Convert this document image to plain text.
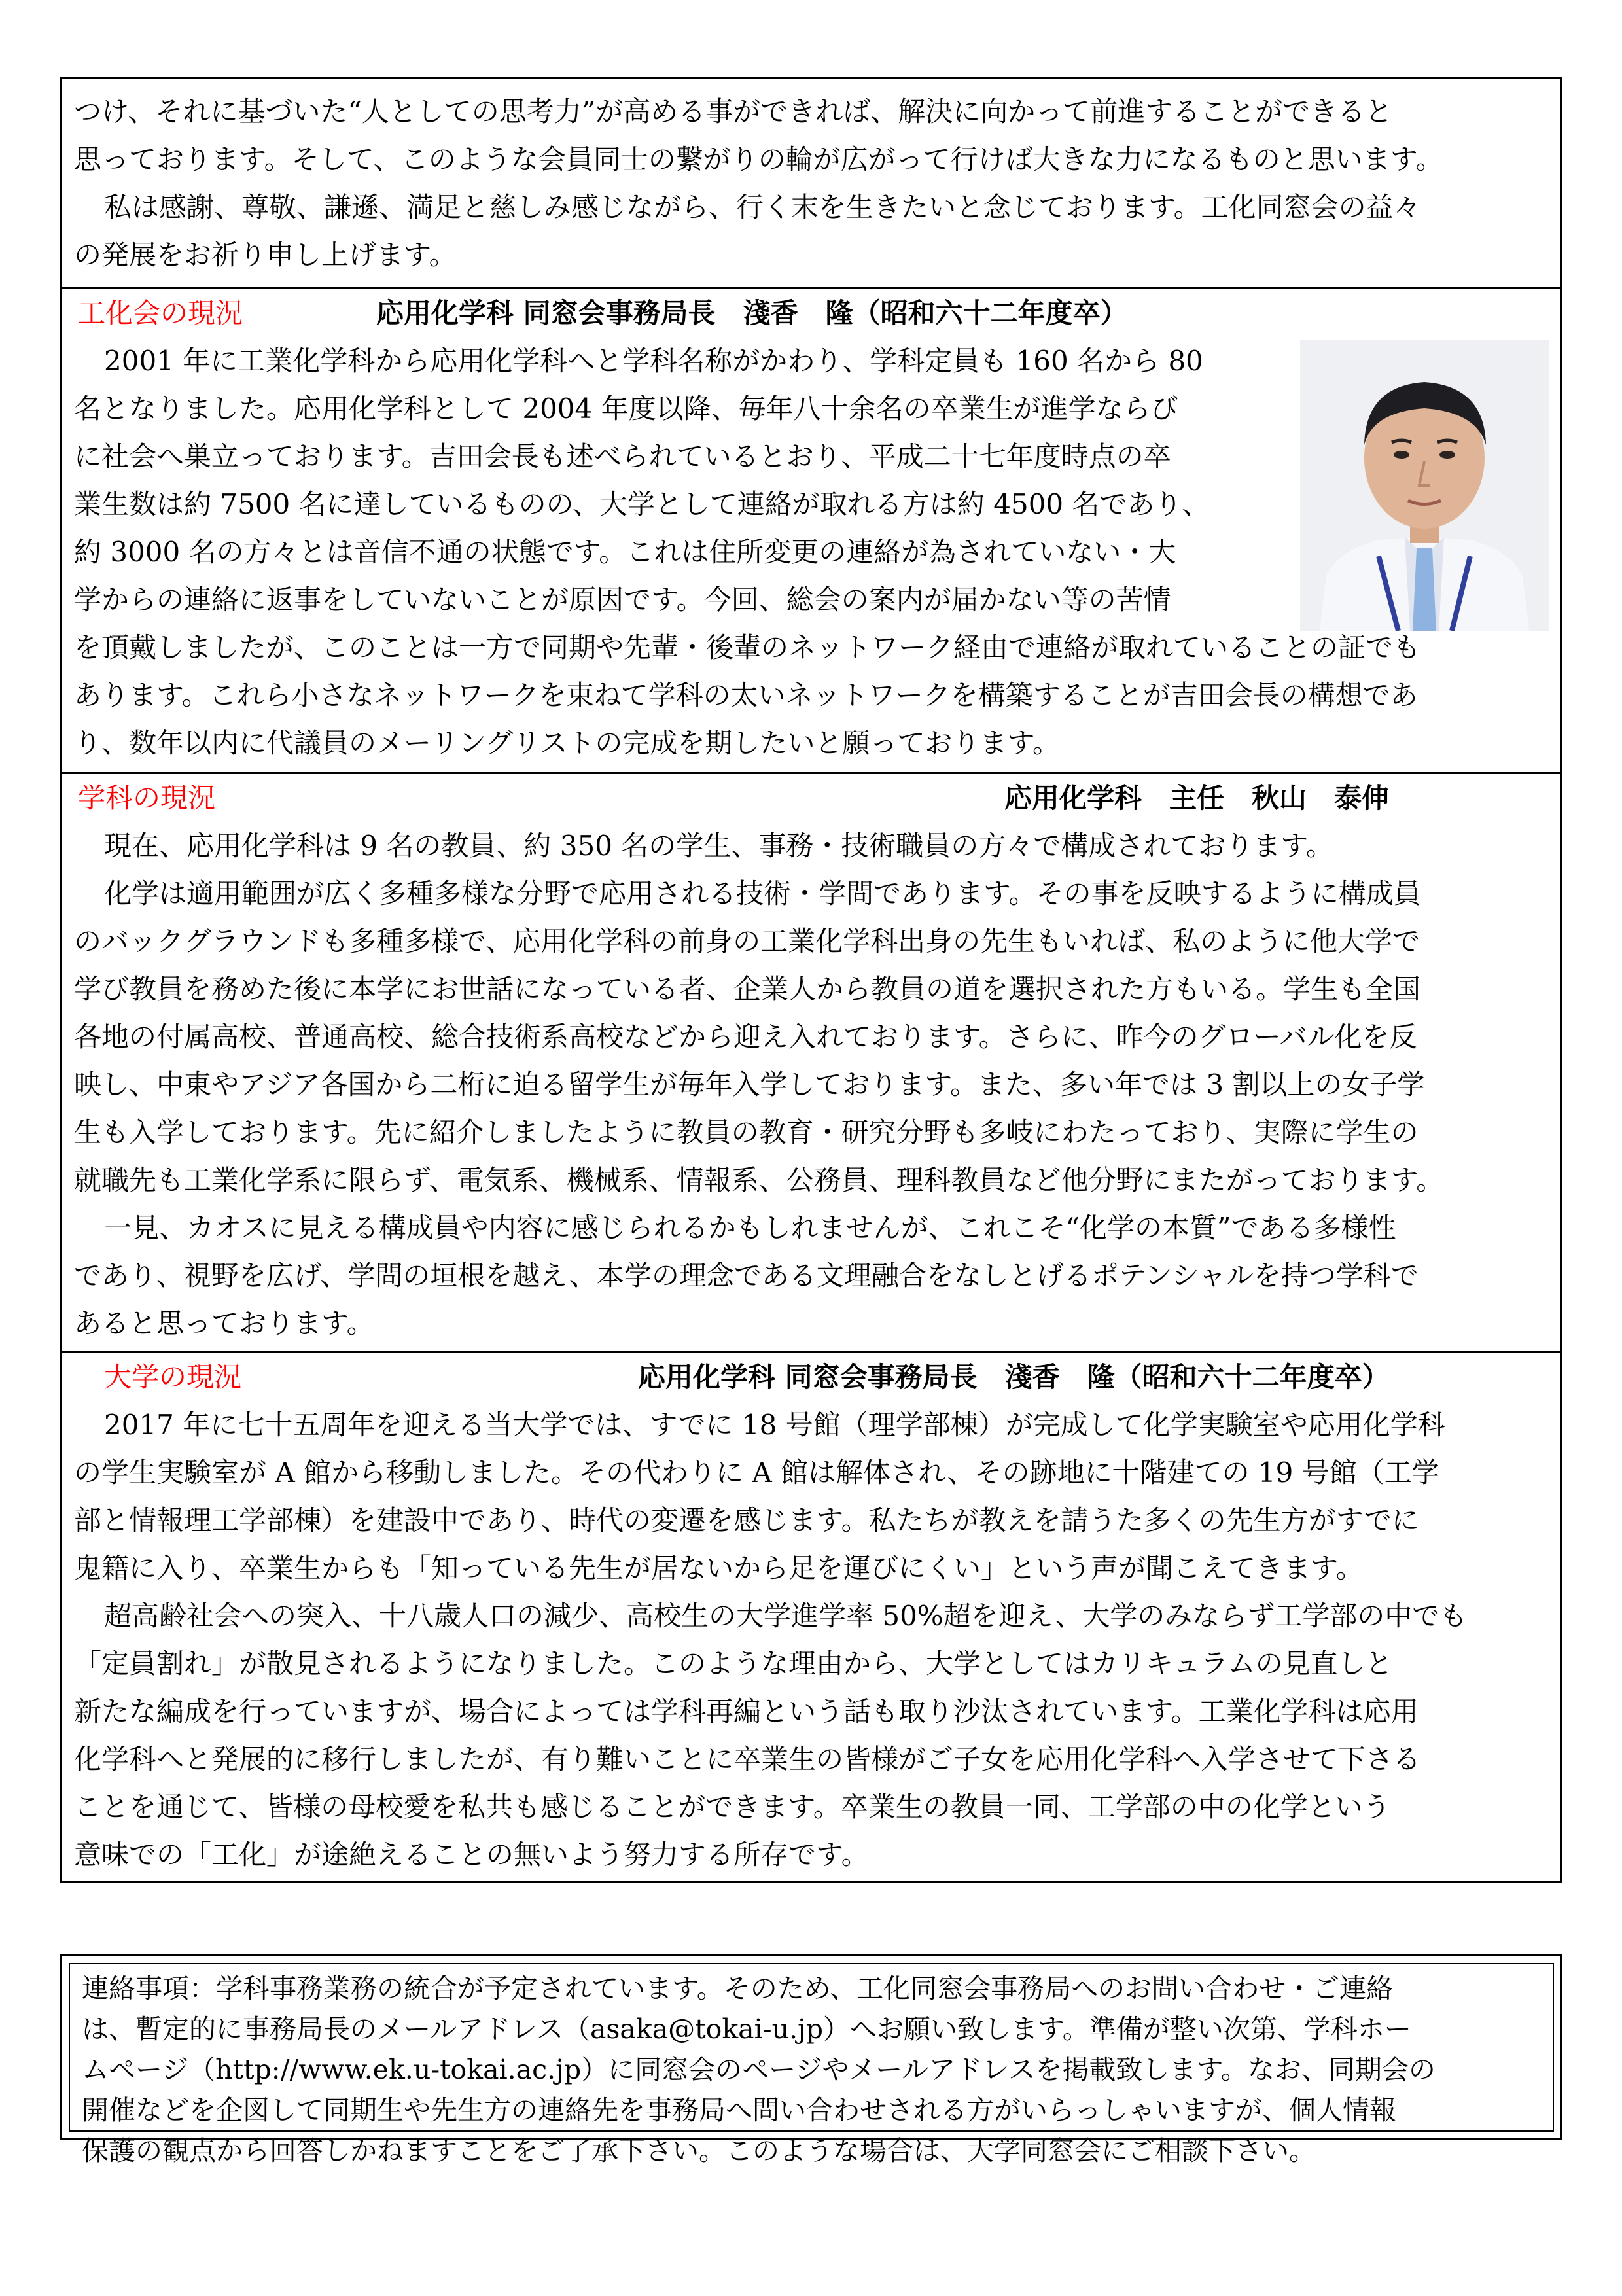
つけ、それに基づいた“人としての思考力”が高める事ができれば、解決に向かって前進することができると

思っております。そして、このような会員同士の繋がりの輪が広がって行けば大きな力になるものと思います。

私は感謝、尊敬、謙遜、満足と慈しみ感じながら、行く末を生きたいと念じております。工化同窓会の益々

の発展をお祈り申し上げます。

工化会の現況	応用化学科 同窓会事務局長　淺香　隆（昭和六十二年度卒）

2001 年に工業化学科から応用化学科へと学科名称がかわり、学科定員も 160 名から 80

名となりました。応用化学科として 2004 年度以降、毎年八十余名の卒業生が進学ならび

に社会へ巣立っております。吉田会長も述べられているとおり、平成二十七年度時点の卒

業生数は約 7500 名に達しているものの、大学として連絡が取れる方は約 4500 名であり、

約 3000 名の方々とは音信不通の状態です。これは住所変更の連絡が為されていない・大

学からの連絡に返事をしていないことが原因です。今回、総会の案内が届かない等の苦情

を頂戴しましたが、このことは一方で同期や先輩・後輩のネットワーク経由で連絡が取れていることの証でも

あります。これら小さなネットワークを束ねて学科の太いネットワークを構築することが吉田会長の構想であ

り、数年以内に代議員のメーリングリストの完成を期したいと願っております。

学科の現況	応用化学科　主任　秋山　泰伸

現在、応用化学科は 9 名の教員、約 350 名の学生、事務・技術職員の方々で構成されております。

化学は適用範囲が広く多種多様な分野で応用される技術・学問であります。その事を反映するように構成員

のバックグラウンドも多種多様で、応用化学科の前身の工業化学科出身の先生もいれば、私のように他大学で

学び教員を務めた後に本学にお世話になっている者、企業人から教員の道を選択された方もいる。学生も全国

各地の付属高校、普通高校、総合技術系高校などから迎え入れております。さらに、昨今のグローバル化を反

映し、中東やアジア各国から二桁に迫る留学生が毎年入学しております。また、多い年では 3 割以上の女子学

生も入学しております。先に紹介しましたように教員の教育・研究分野も多岐にわたっており、実際に学生の

就職先も工業化学系に限らず、電気系、機械系、情報系、公務員、理科教員など他分野にまたがっております。

一見、カオスに見える構成員や内容に感じられるかもしれませんが、これこそ“化学の本質”である多様性

であり、視野を広げ、学問の垣根を越え、本学の理念である文理融合をなしとげるポテンシャルを持つ学科で

あると思っております。

大学の現況	応用化学科 同窓会事務局長　淺香　隆（昭和六十二年度卒）

2017 年に七十五周年を迎える当大学では、すでに 18 号館（理学部棟）が完成して化学実験室や応用化学科

の学生実験室が A 館から移動しました。その代わりに A 館は解体され、その跡地に十階建ての 19 号館（工学

部と情報理工学部棟）を建設中であり、時代の変遷を感じます。私たちが教えを請うた多くの先生方がすでに

鬼籍に入り、卒業生からも「知っている先生が居ないから足を運びにくい」という声が聞こえてきます。

超高齢社会への突入、十八歳人口の減少、高校生の大学進学率 50%超を迎え、大学のみならず工学部の中でも

「定員割れ」が散見されるようになりました。このような理由から、大学としてはカリキュラムの見直しと

新たな編成を行っていますが、場合によっては学科再編という話も取り沙汰されています。工業化学科は応用

化学科へと発展的に移行しましたが、有り難いことに卒業生の皆様がご子女を応用化学科へ入学させて下さる

ことを通じて、皆様の母校愛を私共も感じることができます。卒業生の教員一同、工学部の中の化学という

意味での「工化」が途絶えることの無いよう努力する所存です。

連絡事項：学科事務業務の統合が予定されています。そのため、工化同窓会事務局へのお問い合わせ・ご連絡

は、暫定的に事務局長のメールアドレス（asaka@tokai-u.jp）へお願い致します。準備が整い次第、学科ホー

ムページ（http://www.ek.u-tokai.ac.jp）に同窓会のページやメールアドレスを掲載致します。なお、同期会の

開催などを企図して同期生や先生方の連絡先を事務局へ問い合わせされる方がいらっしゃいますが、個人情報

保護の観点から回答しかねますことをご了承下さい。このような場合は、大学同窓会にご相談下さい。
